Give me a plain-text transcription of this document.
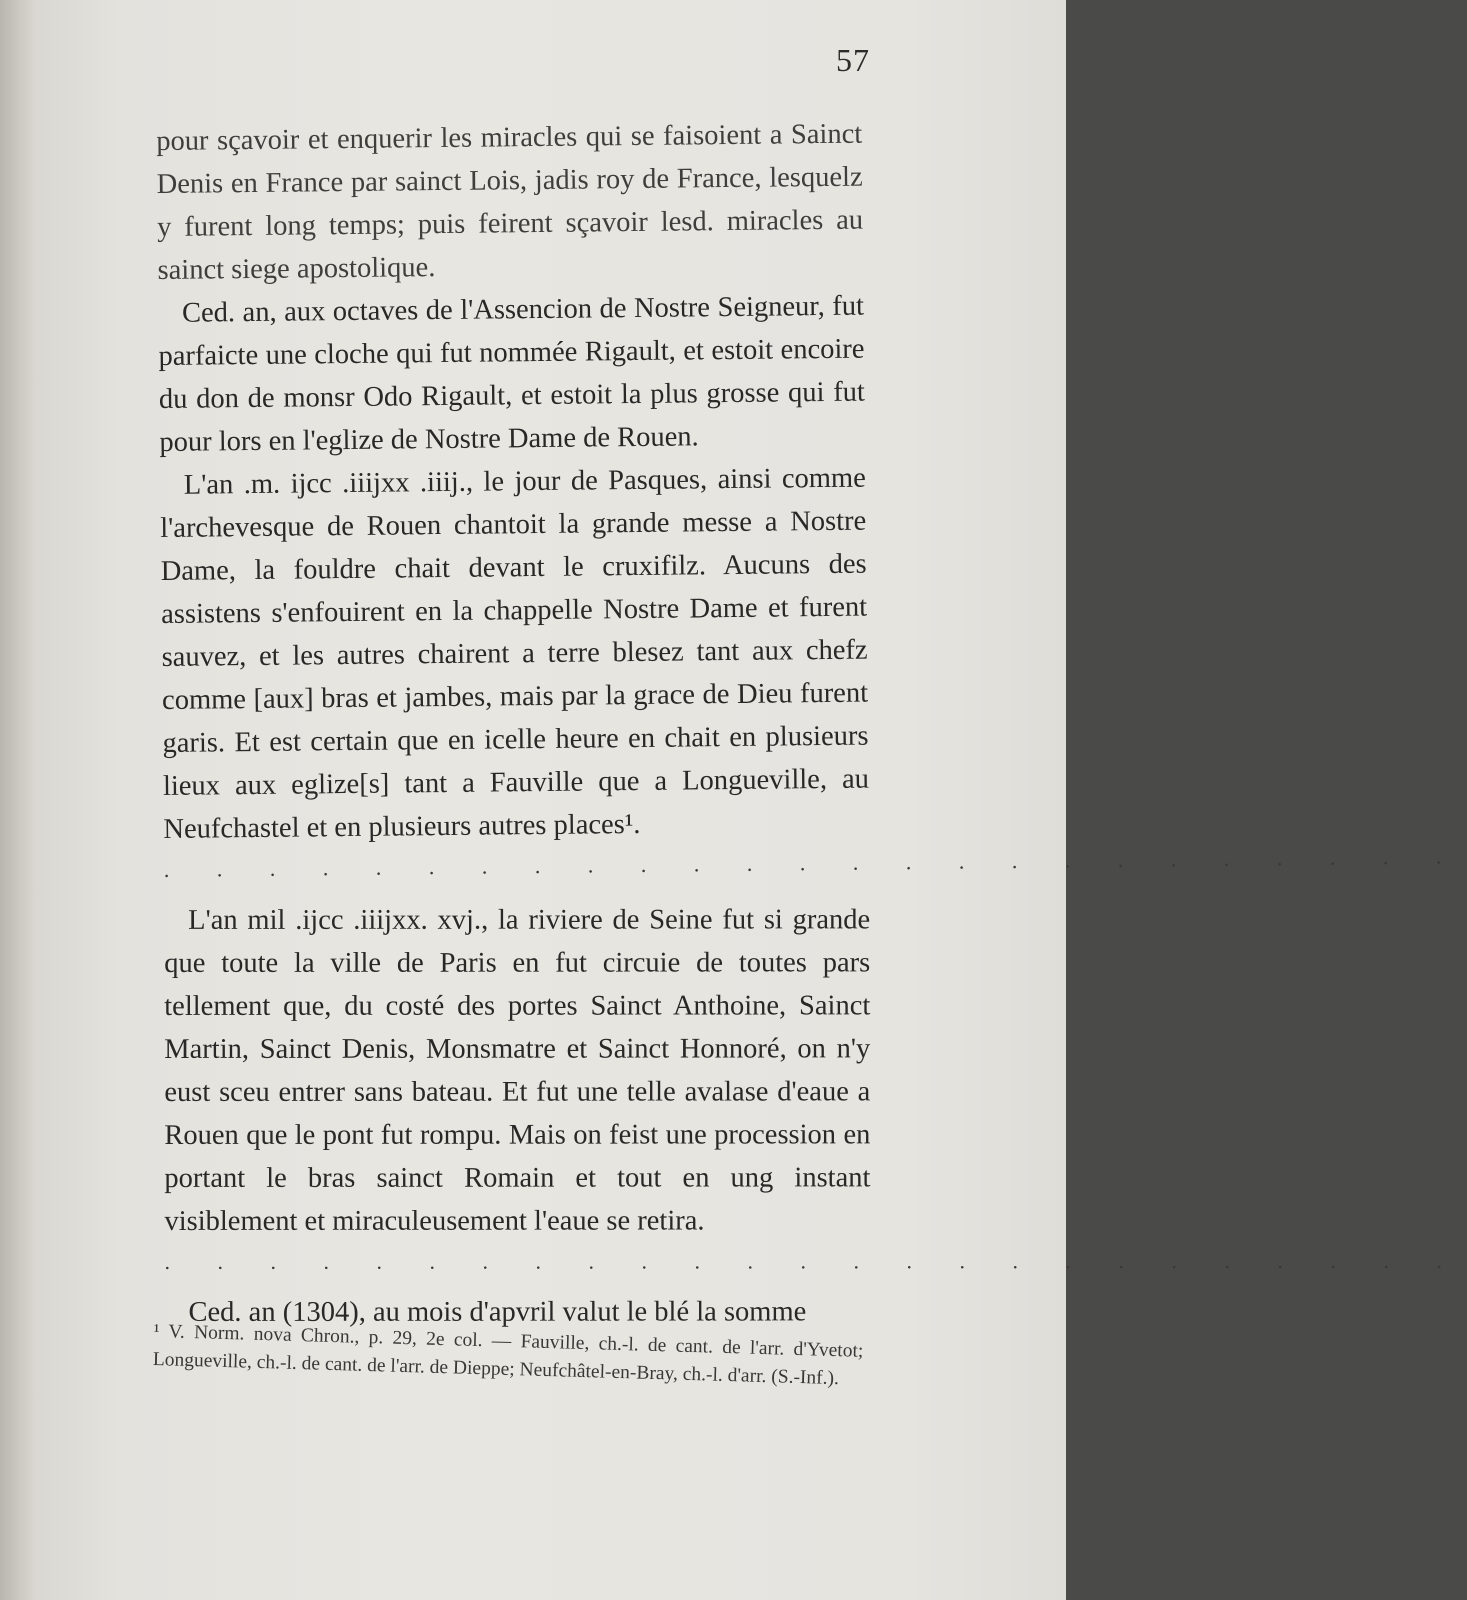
57

pour sçavoir et enquerir les miracles qui se faisoient a Sainct Denis en France par sainct Lois, jadis roy de France, lesquelz y furent long temps; puis feirent sçavoir lesd. miracles au sainct siege apostolique.

Ced. an, aux octaves de l'Assencion de Nostre Seigneur, fut parfaicte une cloche qui fut nommée Rigault, et estoit encoire du don de monsr Odo Rigault, et estoit la plus grosse qui fut pour lors en l'eglize de Nostre Dame de Rouen.

L'an .m. ijcc .iiijxx .iiij., le jour de Pasques, ainsi comme l'archevesque de Rouen chantoit la grande messe a Nostre Dame, la fouldre chait devant le cruxifilz. Aucuns des assistens s'enfouirent en la chappelle Nostre Dame et furent sauvez, et les autres chairent a terre blesez tant aux chefz comme [aux] bras et jambes, mais par la grace de Dieu furent garis. Et est certain que en icelle heure en chait en plusieurs lieux aux eglize[s] tant a Fauville que a Longueville, au Neufchastel et en plusieurs autres places¹.

. . . . . . . . . . . . . . . . . . . . . . . . .

L'an mil .ijcc .iiijxx. xvj., la riviere de Seine fut si grande que toute la ville de Paris en fut circuie de toutes pars tellement que, du costé des portes Sainct Anthoine, Sainct Martin, Sainct Denis, Monsmatre et Sainct Honnoré, on n'y eust sceu entrer sans bateau. Et fut une telle avalase d'eaue a Rouen que le pont fut rompu. Mais on feist une procession en portant le bras sainct Romain et tout en ung instant visiblement et miraculeusement l'eaue se retira.

. . . . . . . . . . . . . . . . . . . . . . . . .

Ced. an (1304), au mois d'apvril valut le blé la somme

¹ V. Norm. nova Chron., p. 29, 2e col. — Fauville, ch.-l. de cant. de l'arr. d'Yvetot; Longueville, ch.-l. de cant. de l'arr. de Dieppe; Neufchâtel-en-Bray, ch.-l. d'arr. (S.-Inf.).
